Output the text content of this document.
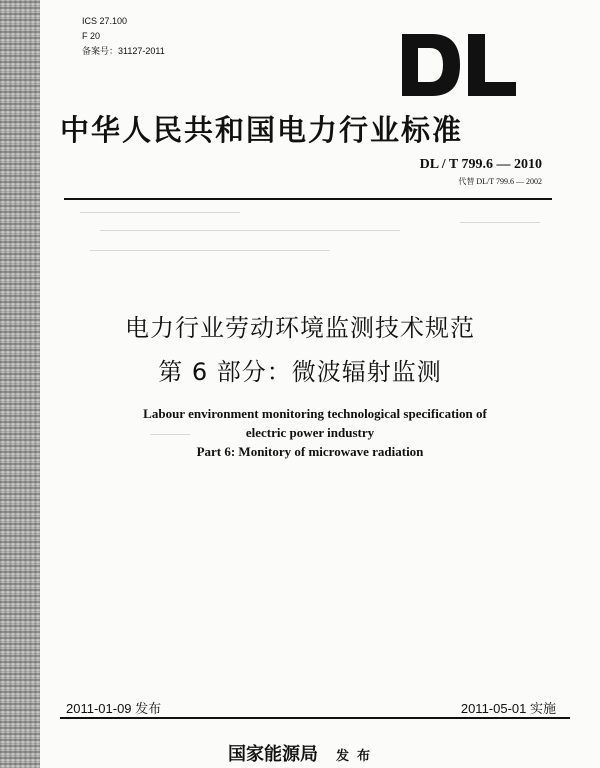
ICS 27.100
F 20
备案号：31127-2011
中华人民共和国电力行业标准
DL / T 799.6 — 2010
代替 DL/T 799.6 — 2002
电力行业劳动环境监测技术规范
第 6 部分：微波辐射监测
Labour environment monitoring technological specification of
electric power industry
Part 6: Monitory of microwave radiation
2011-01-09 发布	2011-05-01 实施
国家能源局 发布
